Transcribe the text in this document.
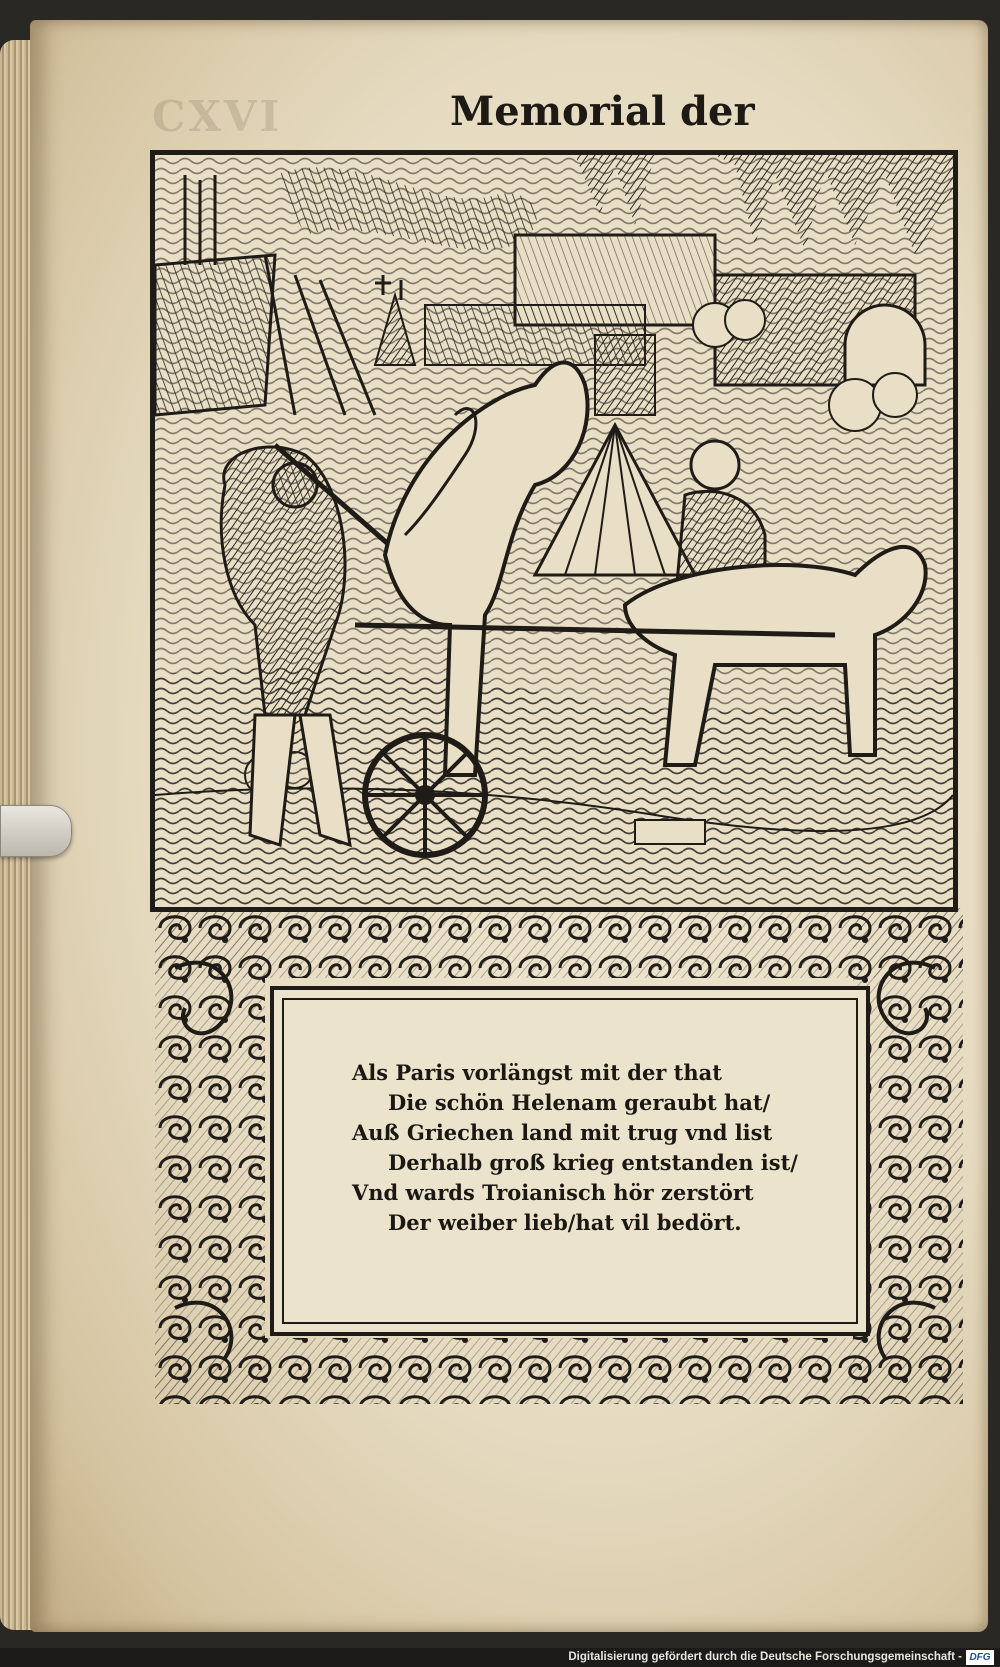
CXVI	Memorial der
Als Paris vorlängst mit der that
Die schön Helenam geraubt hat/
Auß Griechen land mit trug vnd list
Derhalb groß krieg entstanden ist/
Vnd wards Troianisch hör zerstört
Der weiber lieb/hat vil bedört.
Digitalisierung gefördert durch die Deutsche Forschungsgemeinschaft - DFG
